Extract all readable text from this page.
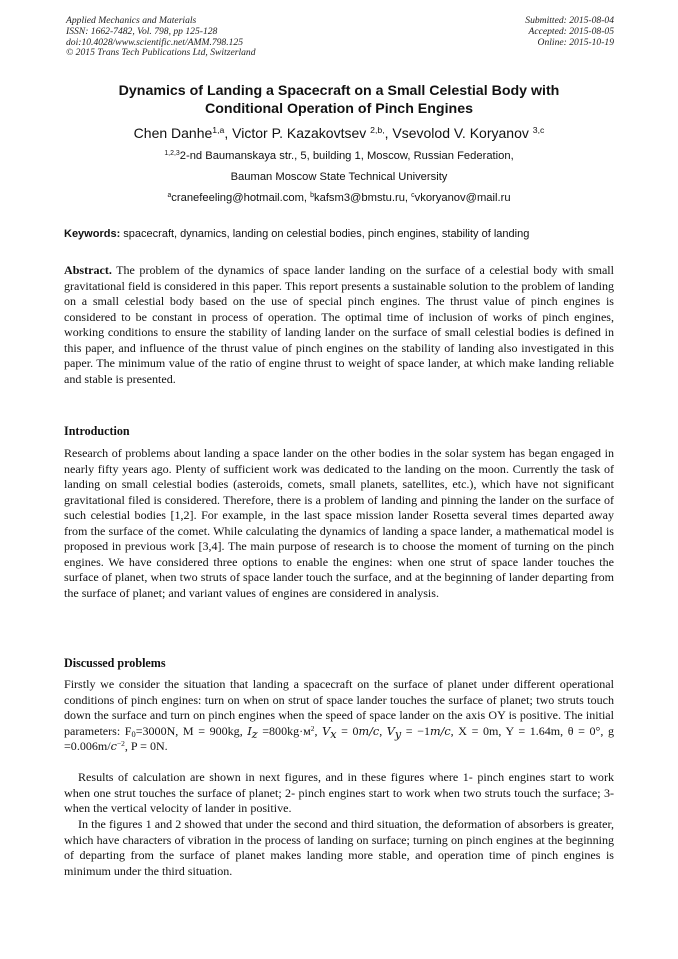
Applied Mechanics and Materials
ISSN: 1662-7482, Vol. 798, pp 125-128
doi:10.4028/www.scientific.net/AMM.798.125
© 2015 Trans Tech Publications Ltd, Switzerland
Submitted: 2015-08-04
Accepted: 2015-08-05
Online: 2015-10-19
Dynamics of Landing a Spacecraft on a Small Celestial Body with
Conditional Operation of Pinch Engines
Chen Danhe$^{1,a}$, Victor P. Kazakovtsev $^{2,b,}$, Vsevolod V. Koryanov $^{3,c}$
$^{1,2,3}$2-nd Baumanskaya str., 5, building 1, Moscow, Russian Federation,
Bauman Moscow State Technical University
$^a$cranefeeling@hotmail.com, $^b$kafsm3@bmstu.ru, $^c$vkoryanov@mail.ru
Keywords: spacecraft, dynamics, landing on celestial bodies, pinch engines, stability of landing

Abstract. The problem of the dynamics of space lander landing on the surface of a celestial body with small gravitational field is considered in this paper. This report presents a sustainable solution to the problem of landing on a small celestial body based on the use of special pinch engines. The thrust value of pinch engines is considered to be constant in process of operation. The optimal time of inclusion of works of pinch engines, working conditions to ensure the stability of landing lander on the surface of small celestial bodies is defined in this paper, and influence of the thrust value of pinch engines on the stability of landing also investigated in this paper. The minimum value of the ratio of engine thrust to weight of space lander, at which make landing reliable and stable is presented.

Introduction

Research of problems about landing a space lander on the other bodies in the solar system has began engaged in nearly fifty years ago. Plenty of sufficient work was dedicated to the landing on the moon. Currently the task of landing on small celestial bodies (asteroids, comets, small planets, satellites, etc.), which have not significant gravitational filed is considered. Therefore, there is a problem of landing and pinning the lander on the surface of such celestial bodies [1,2]. For example, in the last space mission lander Rosetta several times departed away from the surface of the comet. While calculating the dynamics of landing a space lander, a mathematical model is proposed in previous work [3,4]. The main purpose of research is to choose the moment of turning on the pinch engines. We have considered three options to enable the engines: when one strut of space lander touches the surface of planet, when two struts of space lander touch the surface, and at the beginning of lander departing from the surface of planet; and variant values of engines are considered in analysis.

Discussed problems

Firstly we consider the situation that landing a spacecraft on the surface of planet under different operational conditions of pinch engines: turn on when on strut of space lander touches the surface of planet; two struts touch down the surface and turn on pinch engines when the speed of space lander on the axis OY is positive. The initial parameters: $F_0=3000N$, M = 900kg, $I_z =800kg\cdot м^2$, $V_x = 0m/c$, $V_y = -1m/c$, X = 0m, Y = 1.64m, θ = 0°, $g =0.006m/c^{-2}$, P = 0N.

Results of calculation are shown in next figures, and in these figures where 1- pinch engines start to work when one strut touches the surface of planet; 2- pinch engines start to work when two struts touch the surface; 3- when the vertical velocity of lander in positive.

In the figures 1 and 2 showed that under the second and third situation, the deformation of absorbers is greater, which have characters of vibration in the process of landing on surface; turning on pinch engines at the beginning of departing from the surface of planet makes landing more stable, and operation time of pinch engines is minimum under the third situation.
